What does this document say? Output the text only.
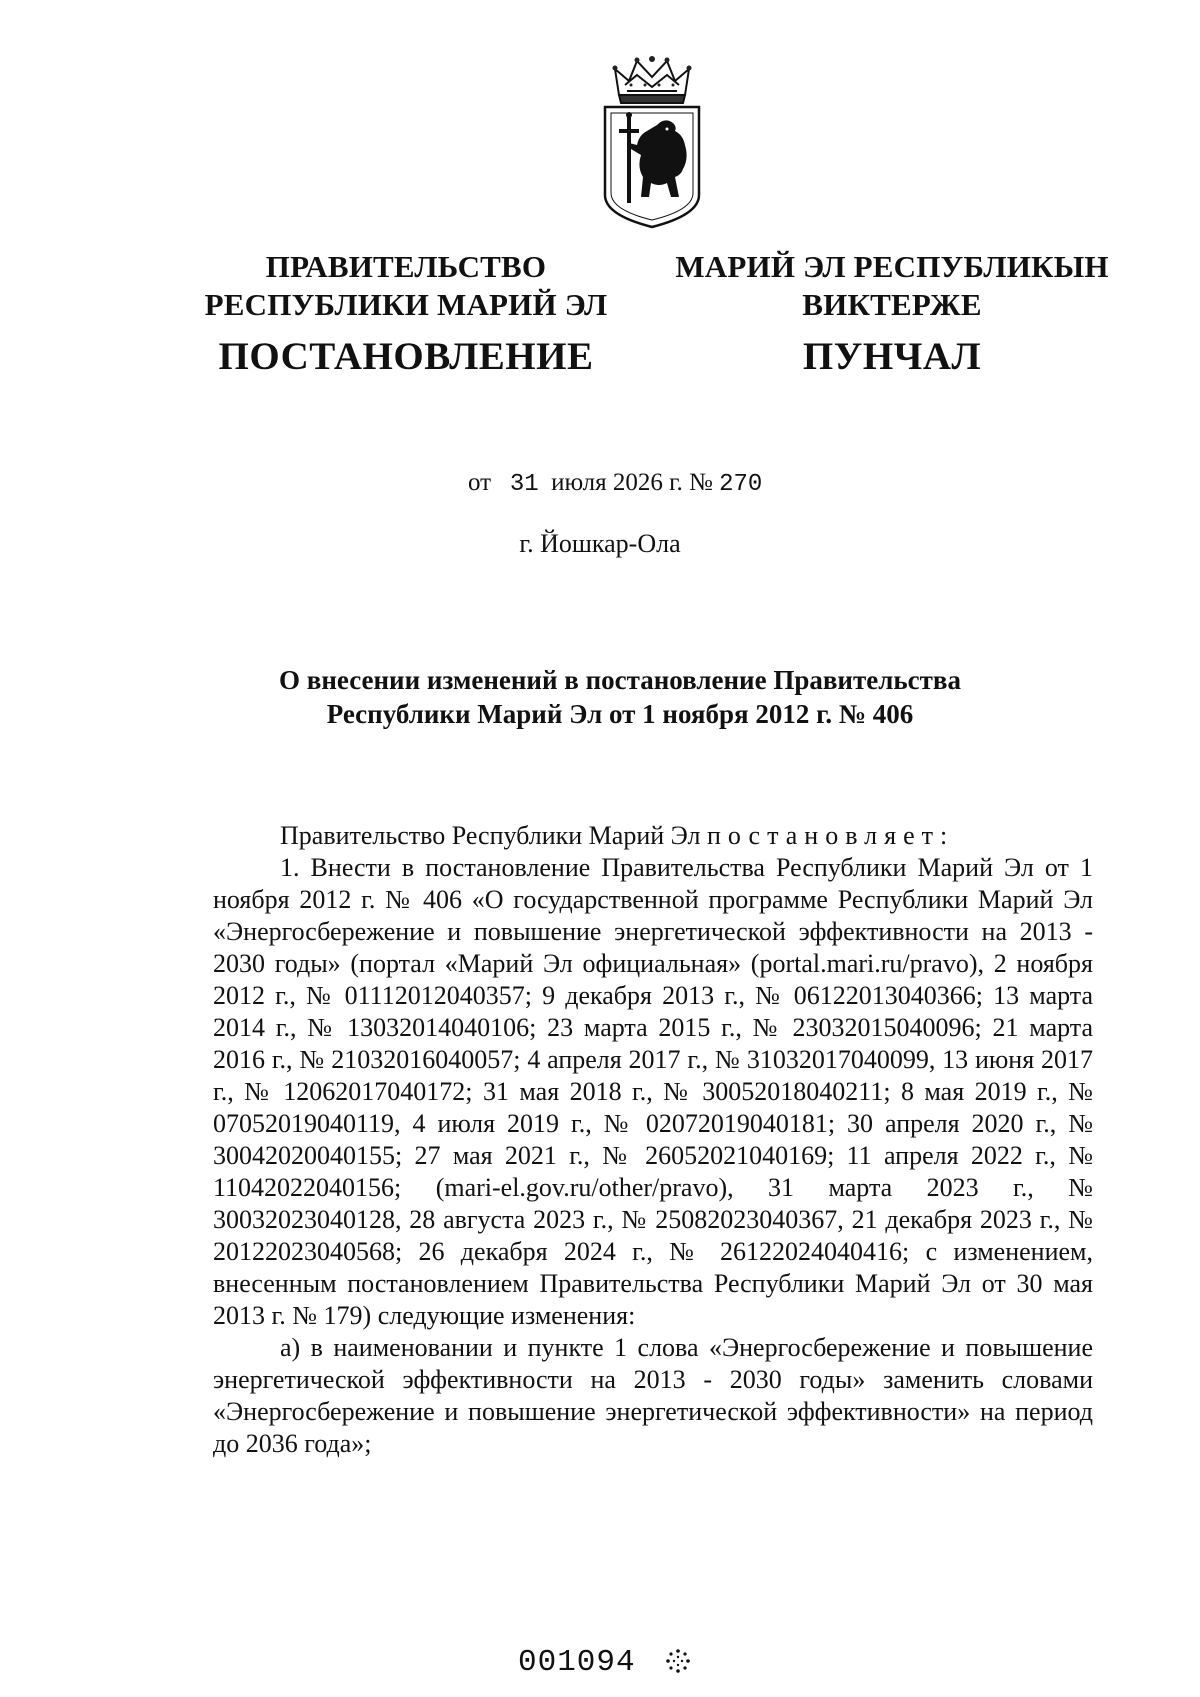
ПРАВИТЕЛЬСТВО
РЕСПУБЛИКИ МАРИЙ ЭЛ
ПОСТАНОВЛЕНИЕ
МАРИЙ ЭЛ РЕСПУБЛИКЫН
ВИКТЕРЖЕ
ПУНЧАЛ
от 31 июля 2026 г. № 270
г. Йошкар-Ола
О внесении изменений в постановление Правительства
Республики Марий Эл от 1 ноября 2012 г. № 406

Правительство Республики Марий Эл постановляет:

1. Внести в постановление Правительства Республики Марий Эл от 1 ноября 2012 г. № 406 «О государственной программе Республики Марий Эл «Энергосбережение и повышение энергетической эффективности на 2013 - 2030 годы» (портал «Марий Эл официальная» (portal.mari.ru/pravo), 2 ноября 2012 г., № 01112012040357; 9 декабря 2013 г., № 06122013040366; 13 марта 2014 г., № 13032014040106; 23 марта 2015 г., № 23032015040096; 21 марта 2016 г., № 21032016040057; 4 апреля 2017 г., № 31032017040099, 13 июня 2017 г., № 12062017040172; 31 мая 2018 г., № 30052018040211; 8 мая 2019 г., № 07052019040119, 4 июля 2019 г., № 02072019040181; 30 апреля 2020 г., № 30042020040155; 27 мая 2021 г., № 26052021040169; 11 апреля 2022 г., № 11042022040156; (mari-el.gov.ru/other/pravo), 31 марта 2023 г., № 30032023040128, 28 августа 2023 г., № 25082023040367, 21 декабря 2023 г., № 20122023040568; 26 декабря 2024 г., № 26122024040416; с изменением, внесенным постановлением Правительства Республики Марий Эл от 30 мая 2013 г. № 179) следующие изменения:

а) в наименовании и пункте 1 слова «Энергосбережение и повышение энергетической эффективности на 2013 - 2030 годы» заменить словами «Энергосбережение и повышение энергетической эффективности» на период до 2036 года»;

001094
